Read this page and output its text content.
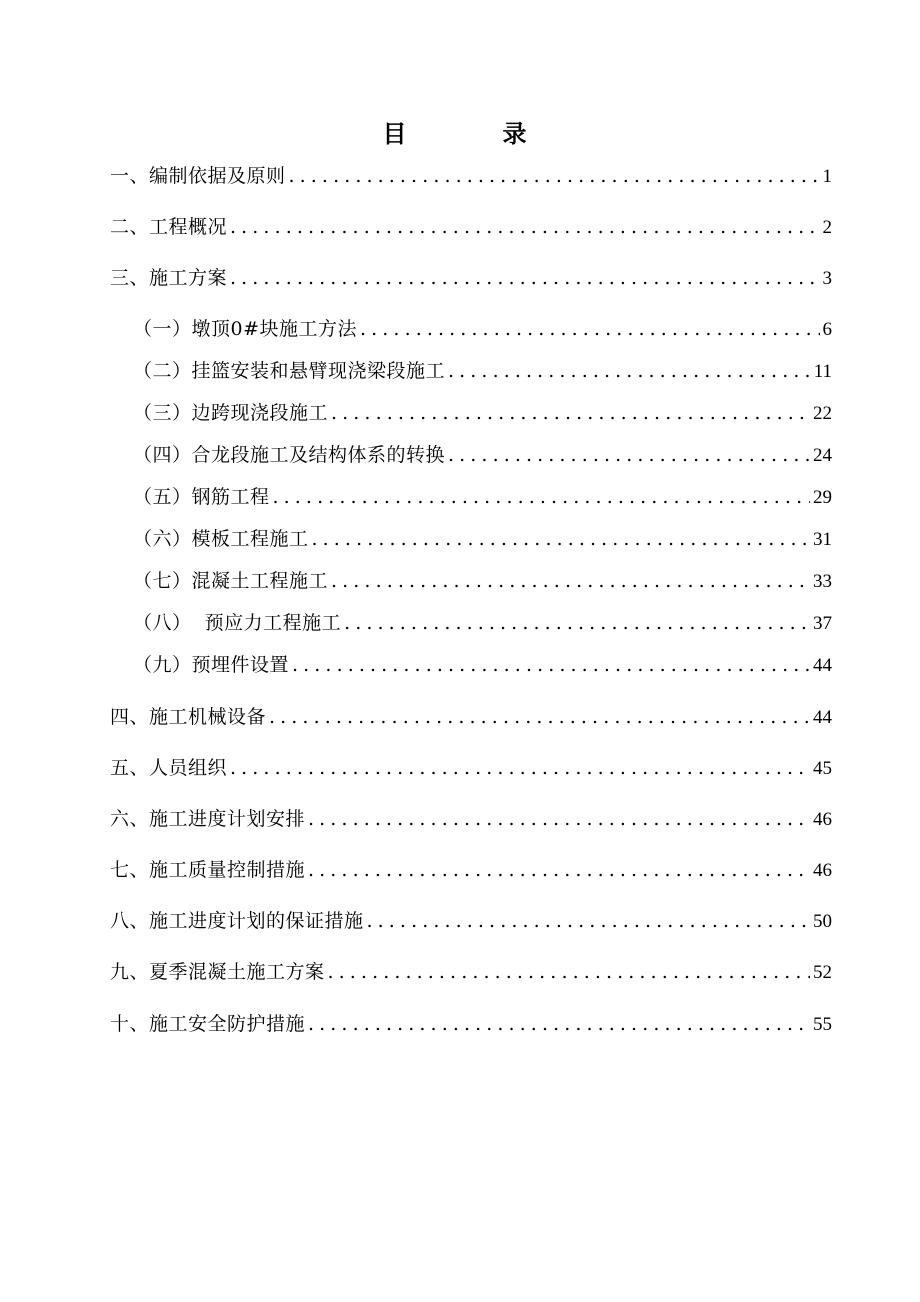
目　录
一、编制依据及原则 .....	1
二、工程概况 .....	2
三、施工方案 .....	3
（一）墩顶0#块施工方法 .....	6
（二）挂篮安装和悬臂现浇梁段施工 .....	11
（三）边跨现浇段施工 .....	22
（四）合龙段施工及结构体系的转换 .....	24
（五）钢筋工程 .....	29
（六）模板工程施工 .....	31
（七）混凝土工程施工 .....	33
（八）  预应力工程施工 .....	37
（九）预埋件设置 .....	44
四、施工机械设备 .....	44
五、人员组织 .....	45
六、施工进度计划安排 .....	46
七、施工质量控制措施 .....	46
八、施工进度计划的保证措施 .....	50
九、夏季混凝土施工方案 .....	52
十、施工安全防护措施 .....	55
